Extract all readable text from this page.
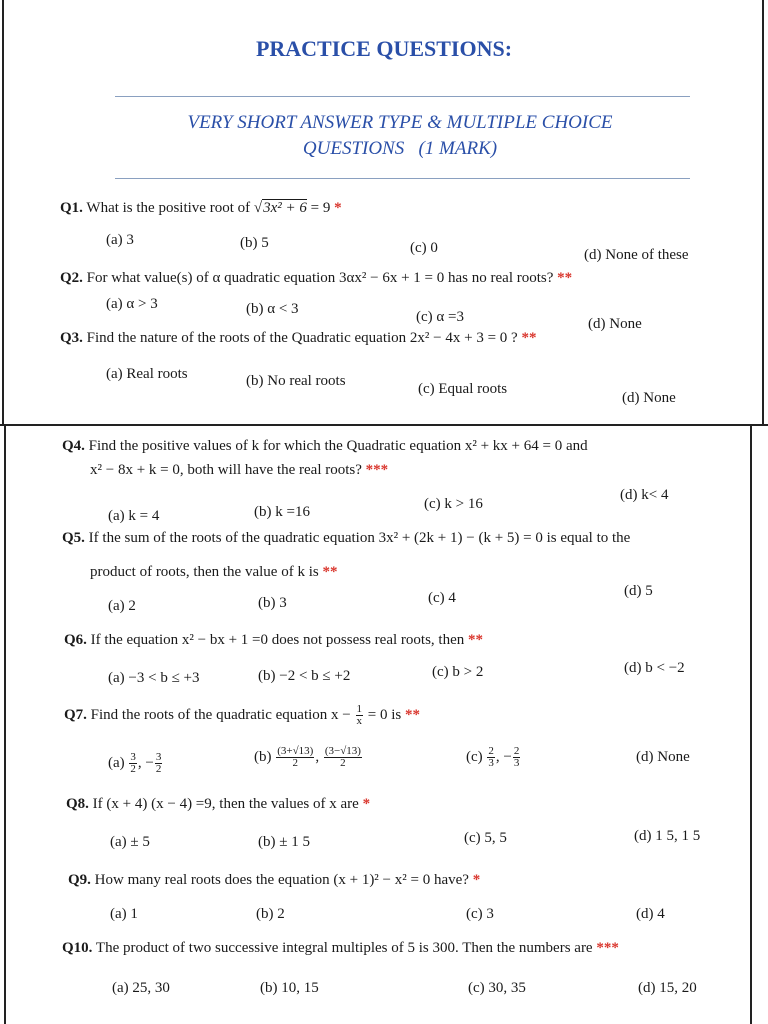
PRACTICE QUESTIONS:
VERY SHORT ANSWER TYPE & MULTIPLE CHOICE
QUESTIONS   (1 MARK)
Q1. What is the positive root of √3x² + 6 = 9 *
(a) 3	(b) 5	(c) 0	(d) None of these
Q2. For what value(s) of α quadratic equation 3αx² − 6x + 1 = 0 has no real roots? **
(a) α > 3	(b) α < 3	(c) α =3	(d) None
Q3. Find the nature of the roots of the Quadratic equation 2x² − 4x + 3 = 0 ? **
(a) Real roots	(b) No real roots	(c) Equal roots
(d) None
Q4. Find the positive values of k for which the Quadratic equation x² + kx + 64 = 0 and
x² − 8x + k = 0, both will have the real roots? ***
(a) k = 4	(b) k =16	(c) k > 16
(d) k< 4
Q5. If the sum of the roots of the quadratic equation 3x² + (2k + 1) − (k + 5) = 0 is equal to the
product of roots, then the value of k is **
(a) 2	(b) 3	(c) 4	(d) 5
Q6. If the equation x² − bx + 1 =0 does not possess real roots, then **
(a) −3 < b ≤ +3	(b) −2 < b ≤ +2	(c) b > 2	(d) b < −2
Q7. Find the roots of the quadratic equation $x - \frac{1}{x} = 0$ is **
$(a) \frac{3}{2}$ , − $\frac{3}{2}$	$(b) \frac{(3+√13)}{2}$ , $\frac{(3-√13)}{2}$	$(c) \frac{2}{3}$ , − $\frac{2}{3}$	(d) None
Q8. If (x + 4) (x − 4) =9, then the values of x are *
(a) ± 5	(b) ± 1 5	(c) 5, 5	(d) 1 5, 1 5
Q9. How many real roots does the equation (x + 1)² − x² = 0 have? *
(a) 1	(b) 2	(c) 3	(d) 4
Q10. The product of two successive integral multiples of 5 is 300. Then the numbers are ***
(a) 25, 30	(b) 10, 15	(c) 30, 35	(d) 15, 20
